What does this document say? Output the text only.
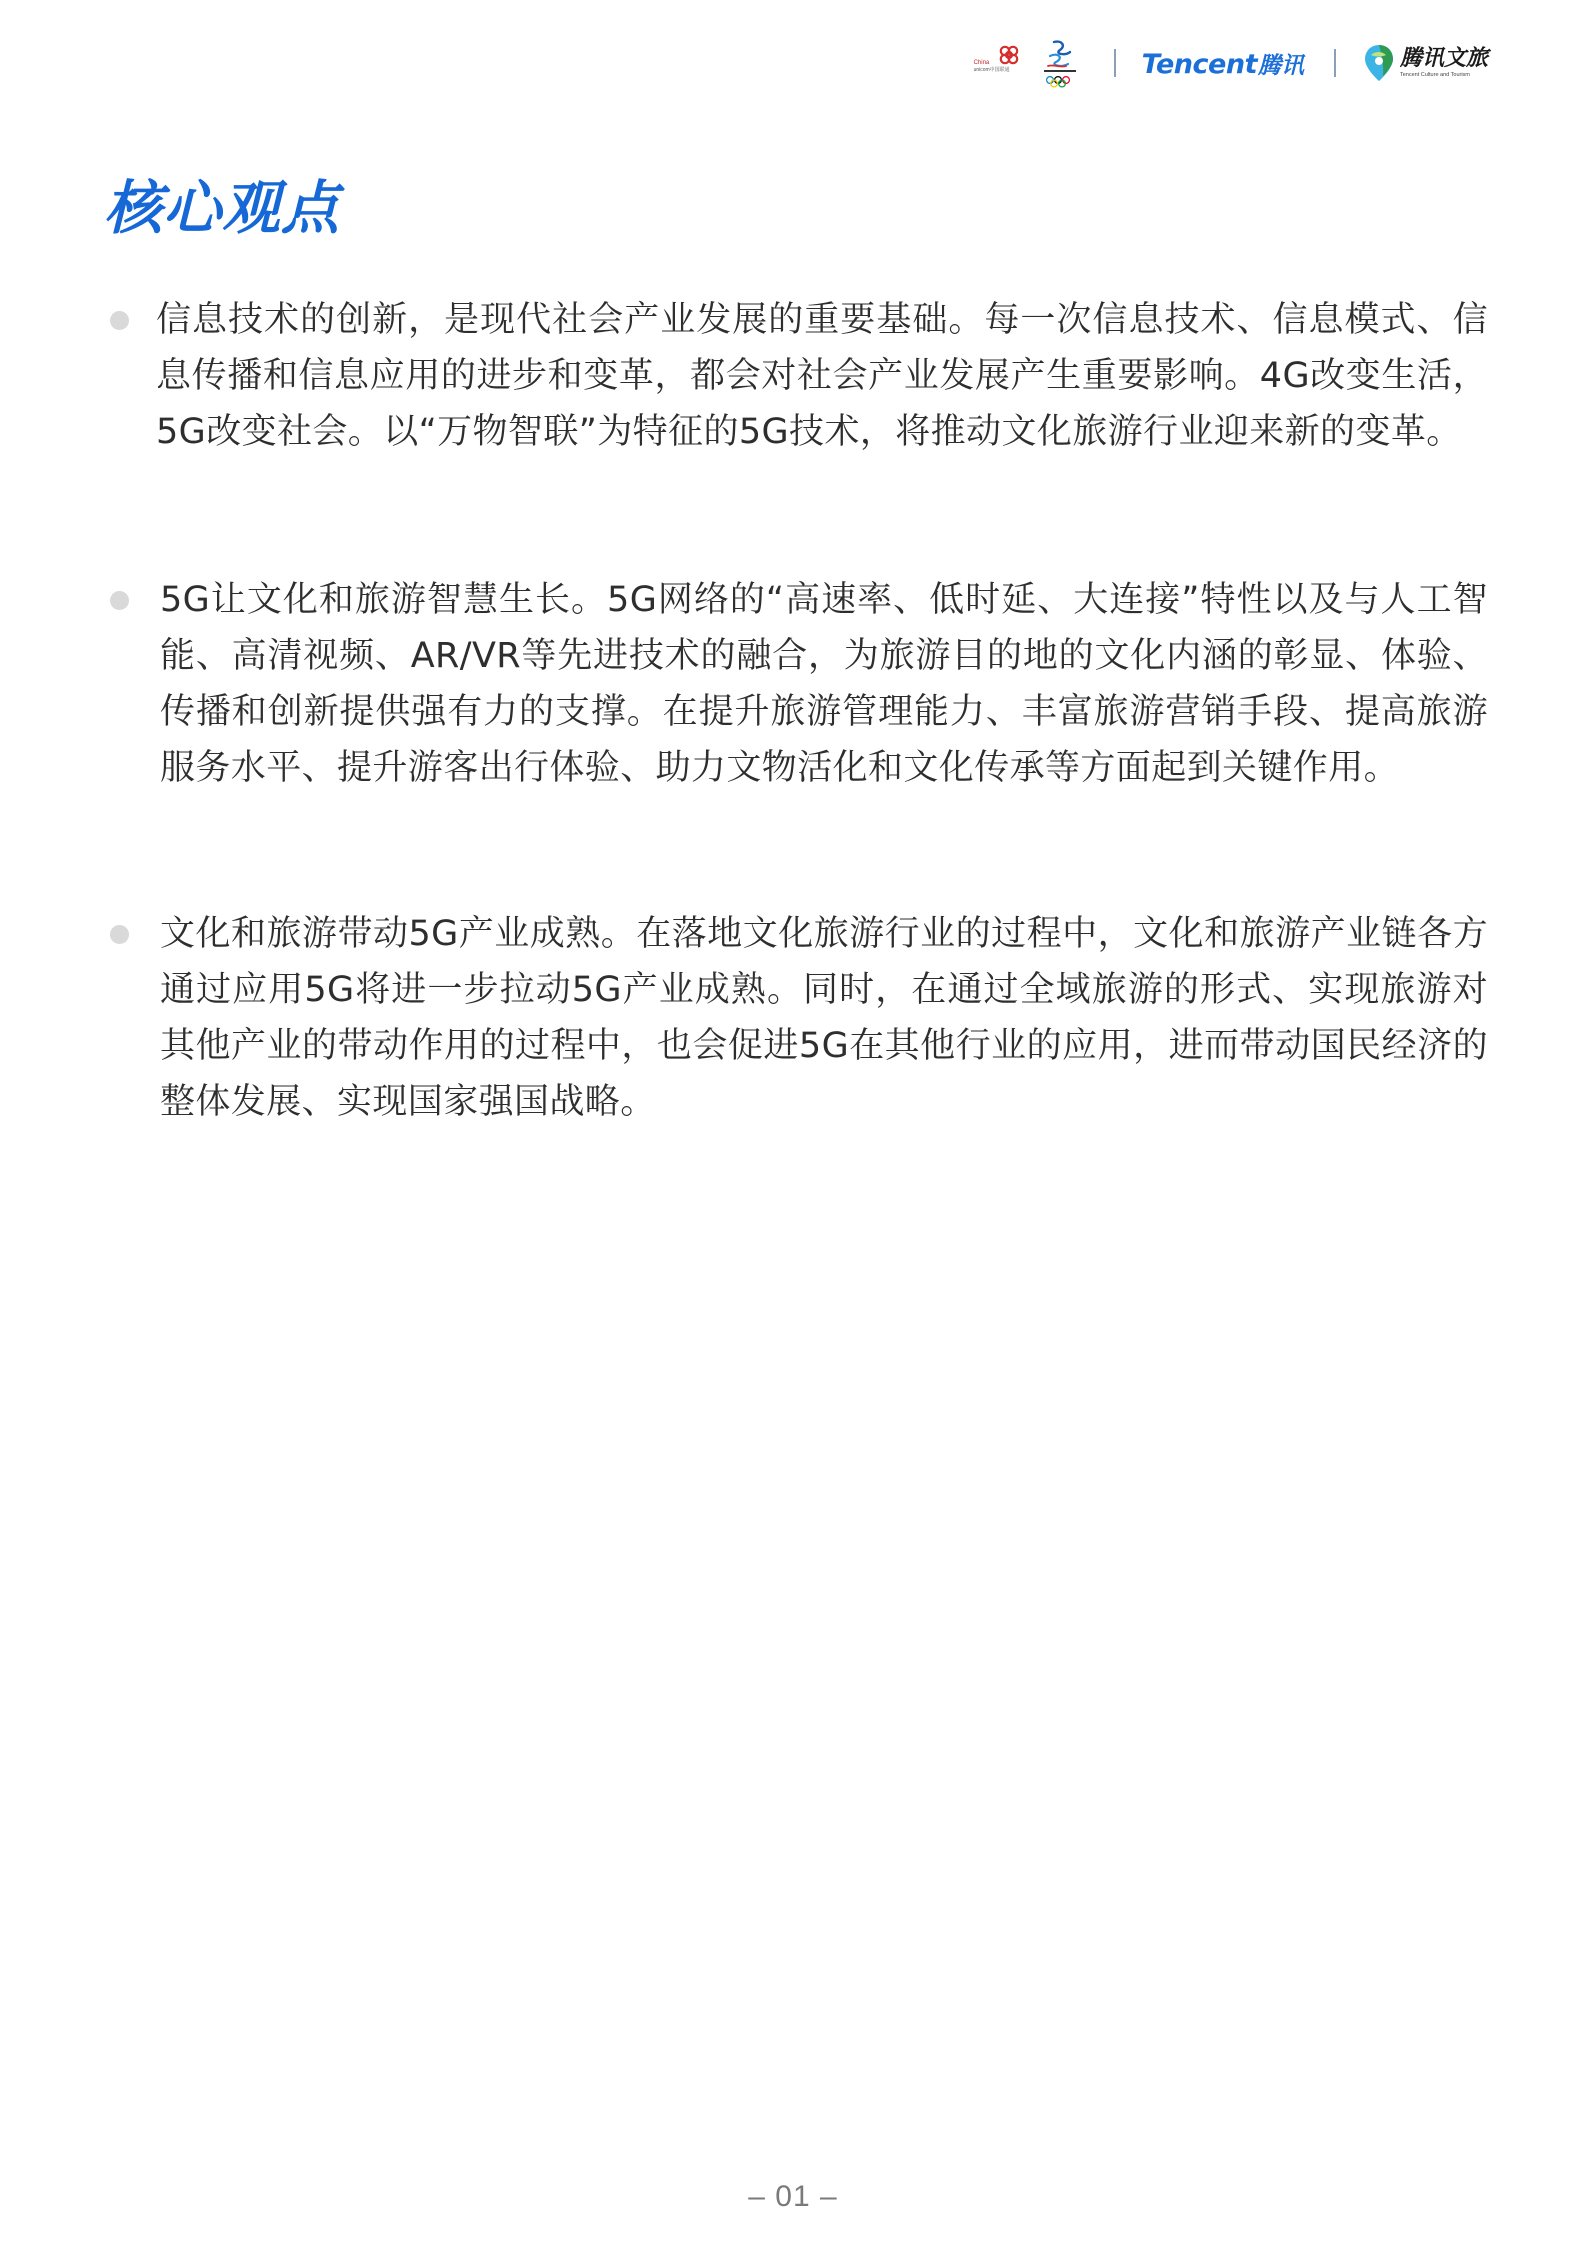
China
unicom中国联通	Tencent 腾讯	腾讯文旅
Tencent Culture and Tourism
核心观点
信息技术的创新，是现代社会产业发展的重要基础。每一次信息技术、信息模式、信息传播和信息应用的进步和变革，都会对社会产业发展产生重要影响。4G改变生活，5G改变社会。以“万物智联”为特征的5G技术，将推动文化旅游行业迎来新的变革。
5G让文化和旅游智慧生长。5G网络的“高速率、低时延、大连接”特性以及与人工智能、高清视频、AR/VR等先进技术的融合，为旅游目的地的文化内涵的彰显、体验、传播和创新提供强有力的支撑。在提升旅游管理能力、丰富旅游营销手段、提高旅游服务水平、提升游客出行体验、助力文物活化和文化传承等方面起到关键作用。
文化和旅游带动5G产业成熟。在落地文化旅游行业的过程中，文化和旅游产业链各方通过应用5G将进一步拉动5G产业成熟。同时，在通过全域旅游的形式、实现旅游对其他产业的带动作用的过程中，也会促进5G在其他行业的应用，进而带动国民经济的整体发展、实现国家强国战略。
– 01 –
